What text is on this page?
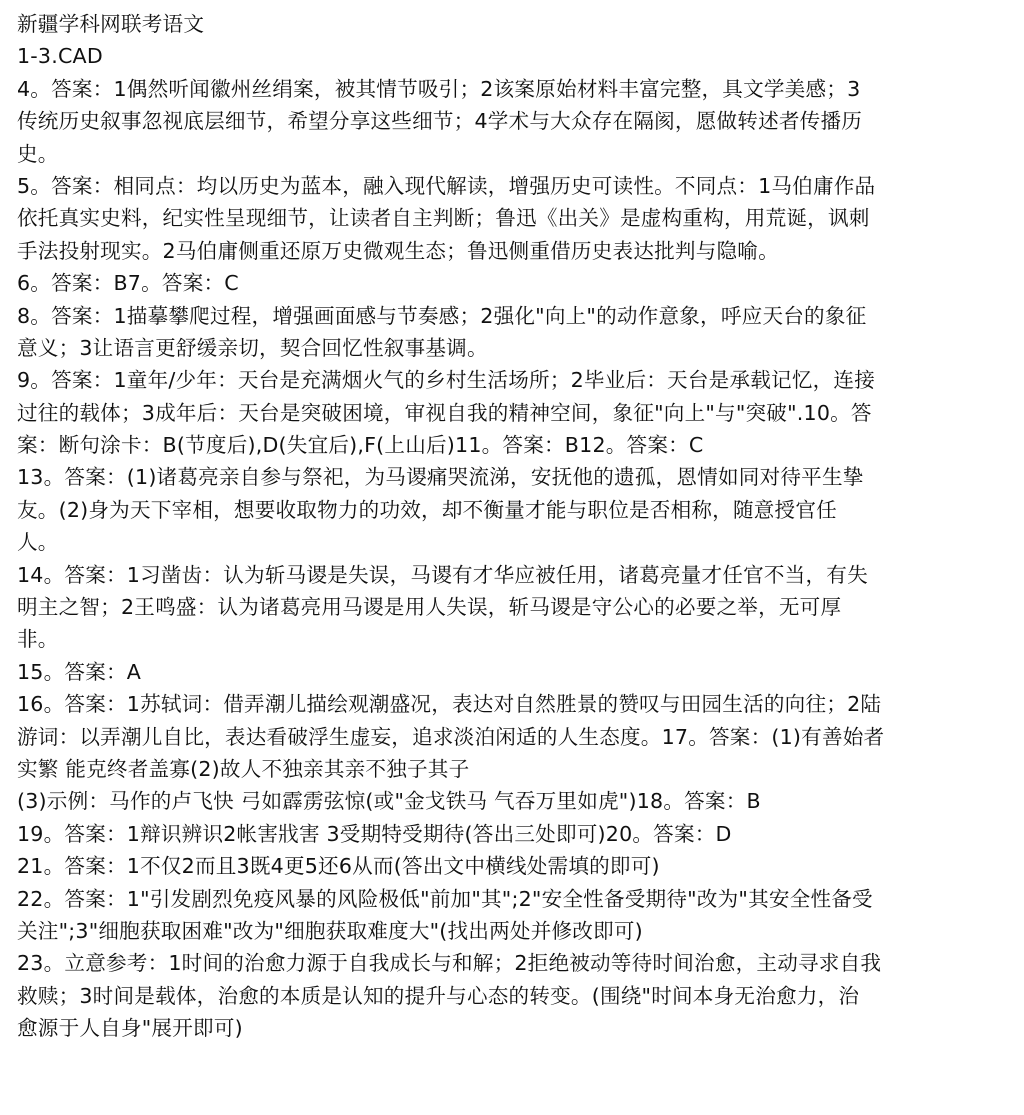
新疆学科网联考语文
1-3.CAD
4。答案：1偶然听闻徽州丝绢案，被其情节吸引；2该案原始材料丰富完整，具文学美感；3
传统历史叙事忽视底层细节，希望分享这些细节；4学术与大众存在隔阂，愿做转述者传播历
史。
5。答案：相同点：均以历史为蓝本，融入现代解读，增强历史可读性。不同点：1马伯庸作品
依托真实史料，纪实性呈现细节，让读者自主判断；鲁迅《出关》是虚构重构，用荒诞，讽刺
手法投射现实。2马伯庸侧重还原万史微观生态；鲁迅侧重借历史表达批判与隐喻。
6。答案：B7。答案：C
8。答案：1描摹攀爬过程，增强画面感与节奏感；2强化"向上"的动作意象，呼应天台的象征
意义；3让语言更舒缓亲切，契合回忆性叙事基调。
9。答案：1童年/少年：天台是充满烟火气的乡村生活场所；2毕业后：天台是承载记忆，连接
过往的载体；3成年后：天台是突破困境，审视自我的精神空间，象征"向上"与"突破".10。答
案：断句涂卡：B(节度后),D(失宜后),F(上山后)11。答案：B12。答案：C
13。答案：(1)诸葛亮亲自参与祭祀，为马谡痛哭流涕，安抚他的遗孤，恩情如同对待平生挚
友。(2)身为天下宰相，想要收取物力的功效，却不衡量才能与职位是否相称，随意授官任
人。
14。答案：1习凿齿：认为斩马谡是失误，马谡有才华应被任用，诸葛亮量才任官不当，有失
明主之智；2王鸣盛：认为诸葛亮用马谡是用人失误，斩马谡是守公心的必要之举，无可厚
非。
15。答案：A
16。答案：1苏轼词：借弄潮儿描绘观潮盛况，表达对自然胜景的赞叹与田园生活的向往；2陆
游词：以弄潮儿自比，表达看破浮生虚妄，追求淡泊闲适的人生态度。17。答案：(1)有善始者
实繁 能克终者盖寡(2)故人不独亲其亲不独子其子
(3)示例：马作的卢飞快 弓如霹雳弦惊(或"金戈铁马 气吞万里如虎")18。答案：B
19。答案：1辩识辨识2帐害戕害 3受期特受期待(答出三处即可)20。答案：D
21。答案：1不仅2而且3既4更5还6从而(答出文中横线处需填的即可)
22。答案：1"引发剧烈免疫风暴的风险极低"前加"其";2"安全性备受期待"改为"其安全性备受
关注";3"细胞获取困难"改为"细胞获取难度大"(找出两处并修改即可)
23。立意参考：1时间的治愈力源于自我成长与和解；2拒绝被动等待时间治愈，主动寻求自我
救赎；3时间是载体，治愈的本质是认知的提升与心态的转变。(围绕"时间本身无治愈力，治
愈源于人自身"展开即可)
